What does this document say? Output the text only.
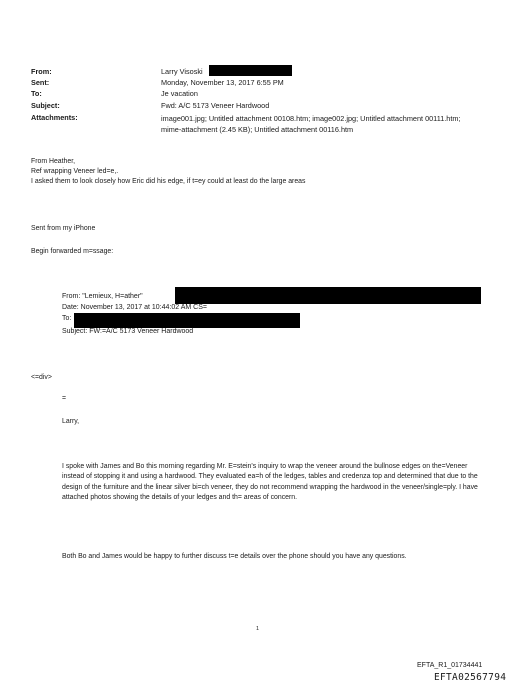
From:	Larry Visoski
Sent:	Monday, November 13, 2017 6:55 PM
To:	Je vacation
Subject:	Fwd: A/C 5173 Veneer Hardwood
Attachments:	image001.jpg; Untitled attachment 00108.htm; image002.jpg; Untitled attachment 00111.htm; mime-attachment (2.45 KB); Untitled attachment 00116.htm
From Heather,
Ref wrapping Veneer led=e,.
I asked them to look closely how Eric did his edge, if t=ey could at least do the large areas
Sent from my iPhone
Begin forwarded m=ssage:
From: "Lemieux, H=ather"
Date: November 13, 2017 at 10:44:02 AM CS=
To:
Subject: FW:=A/C 5173 Veneer Hardwood
<=div>
=
Larry,
I spoke with James and Bo this morning regarding Mr. E=stein's inquiry to wrap the veneer around the bullnose edges on the=Veneer instead of stopping it and using a hardwood. They evaluated ea=h of the ledges, tables and credenza top and determined that due to the design of the furniture and the linear silver bi=ch veneer, they do not recommend wrapping the hardwood in the veneer/single=ply. I have attached photos showing the details of your ledges and th= areas of concern.
Both Bo and James would be happy to further discuss t=e details over the phone should you have any questions.
1
EFTA_R1_01734441
EFTA02567794
